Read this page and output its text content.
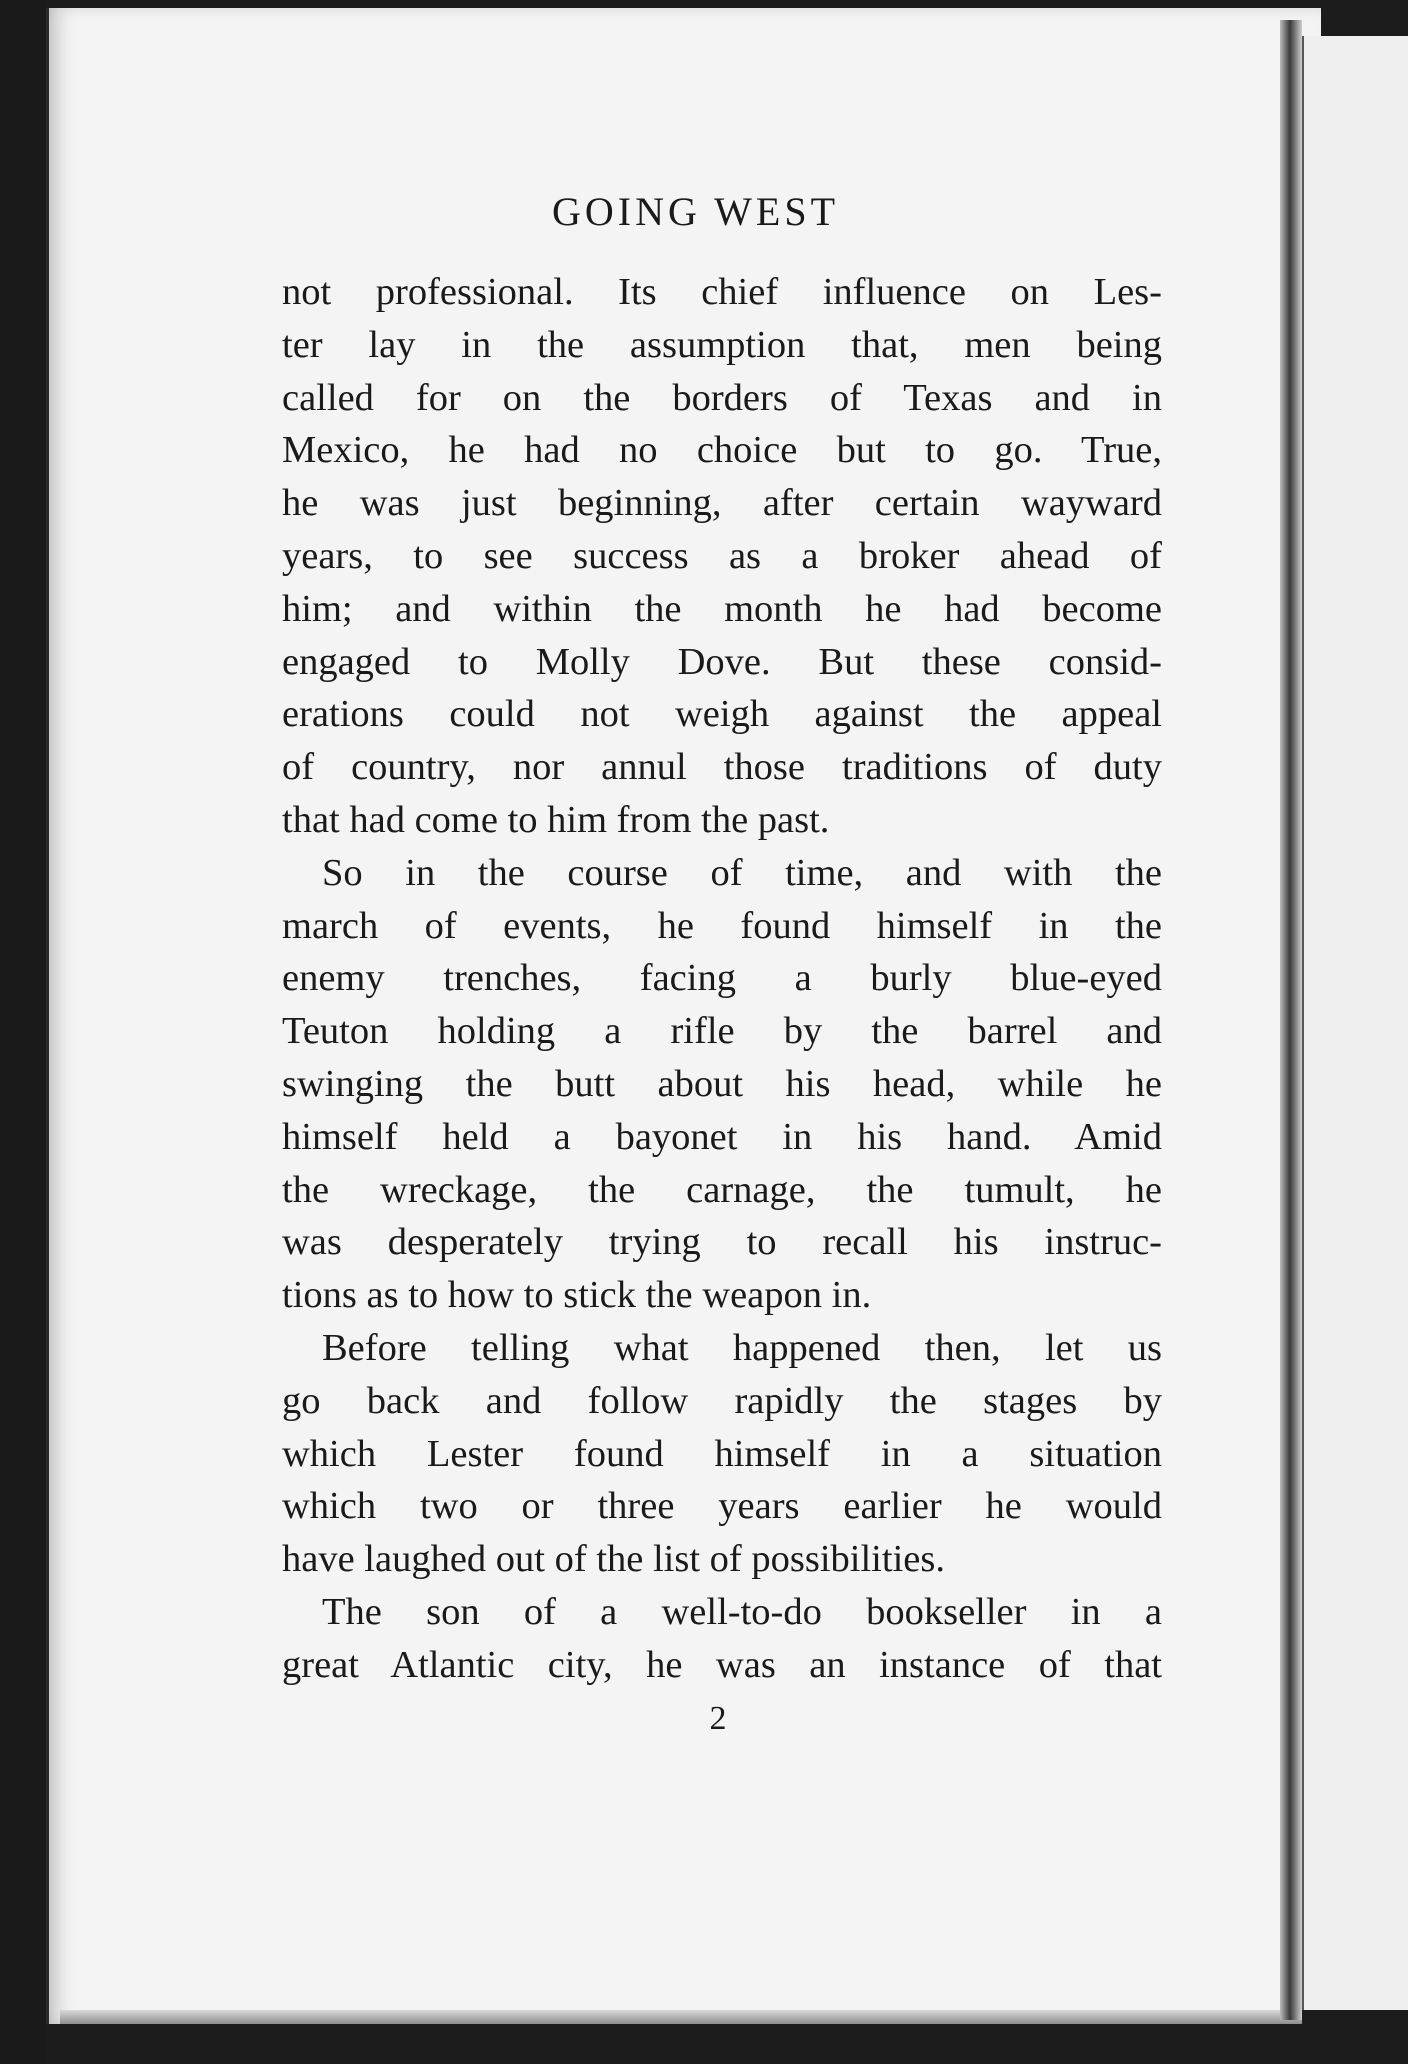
GOING WEST
not professional. Its chief influence on Les-
ter lay in the assumption that, men being
called for on the borders of Texas and in
Mexico, he had no choice but to go. True,
he was just beginning, after certain wayward
years, to see success as a broker ahead of
him; and within the month he had become
engaged to Molly Dove. But these consid-
erations could not weigh against the appeal
of country, nor annul those traditions of duty
that had come to him from the past.
So in the course of time, and with the
march of events, he found himself in the
enemy trenches, facing a burly blue-eyed
Teuton holding a rifle by the barrel and
swinging the butt about his head, while he
himself held a bayonet in his hand. Amid
the wreckage, the carnage, the tumult, he
was desperately trying to recall his instruc-
tions as to how to stick the weapon in.
Before telling what happened then, let us
go back and follow rapidly the stages by
which Lester found himself in a situation
which two or three years earlier he would
have laughed out of the list of possibilities.
The son of a well-to-do bookseller in a
great Atlantic city, he was an instance of that
2
